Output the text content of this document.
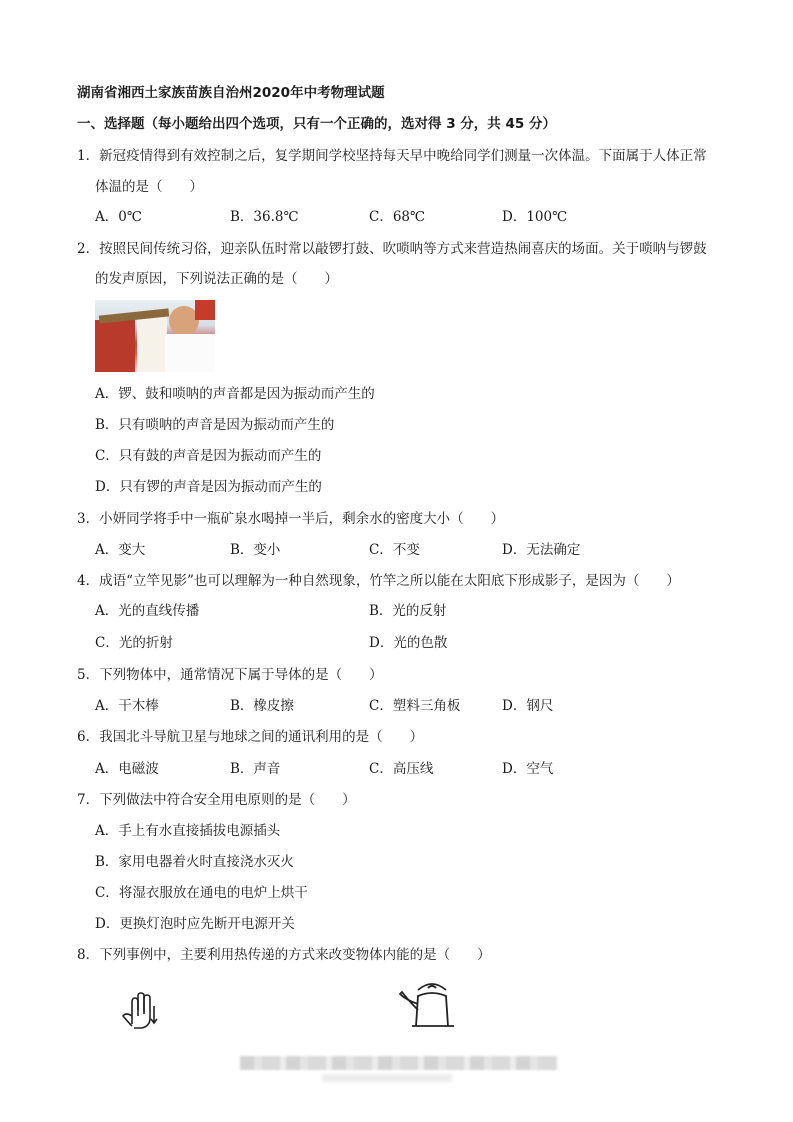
湖南省湘西土家族苗族自治州2020年中考物理试题
一、选择题（每小题给出四个选项，只有一个正确的，选对得 3 分，共 45 分）
1．新冠疫情得到有效控制之后，复学期间学校坚持每天早中晚给同学们测量一次体温。下面属于人体正常
体温的是（　　）
A．0℃	B．36.8℃	C．68℃	D．100℃
2．按照民间传统习俗，迎亲队伍时常以敲锣打鼓、吹唢呐等方式来营造热闹喜庆的场面。关于唢呐与锣鼓
的发声原因，下列说法正确的是（　　）
A．锣、鼓和唢呐的声音都是因为振动而产生的
B．只有唢呐的声音是因为振动而产生的
C．只有鼓的声音是因为振动而产生的
D．只有锣的声音是因为振动而产生的
3．小妍同学将手中一瓶矿泉水喝掉一半后，剩余水的密度大小（　　）
A．变大	B．变小	C．不变	D．无法确定
4．成语“立竿见影”也可以理解为一种自然现象，竹竿之所以能在太阳底下形成影子，是因为（　　）
A．光的直线传播	B．光的反射
C．光的折射	D．光的色散
5．下列物体中，通常情况下属于导体的是（　　）
A．干木棒	B．橡皮擦	C．塑料三角板	D．钢尺
6．我国北斗导航卫星与地球之间的通讯利用的是（　　）
A．电磁波	B．声音	C．高压线	D．空气
7．下列做法中符合安全用电原则的是（　　）
A．手上有水直接插拔电源插头
B．家用电器着火时直接浇水灭火
C．将湿衣服放在通电的电炉上烘干
D．更换灯泡时应先断开电源开关
8．下列事例中，主要利用热传递的方式来改变物体内能的是（　　）
